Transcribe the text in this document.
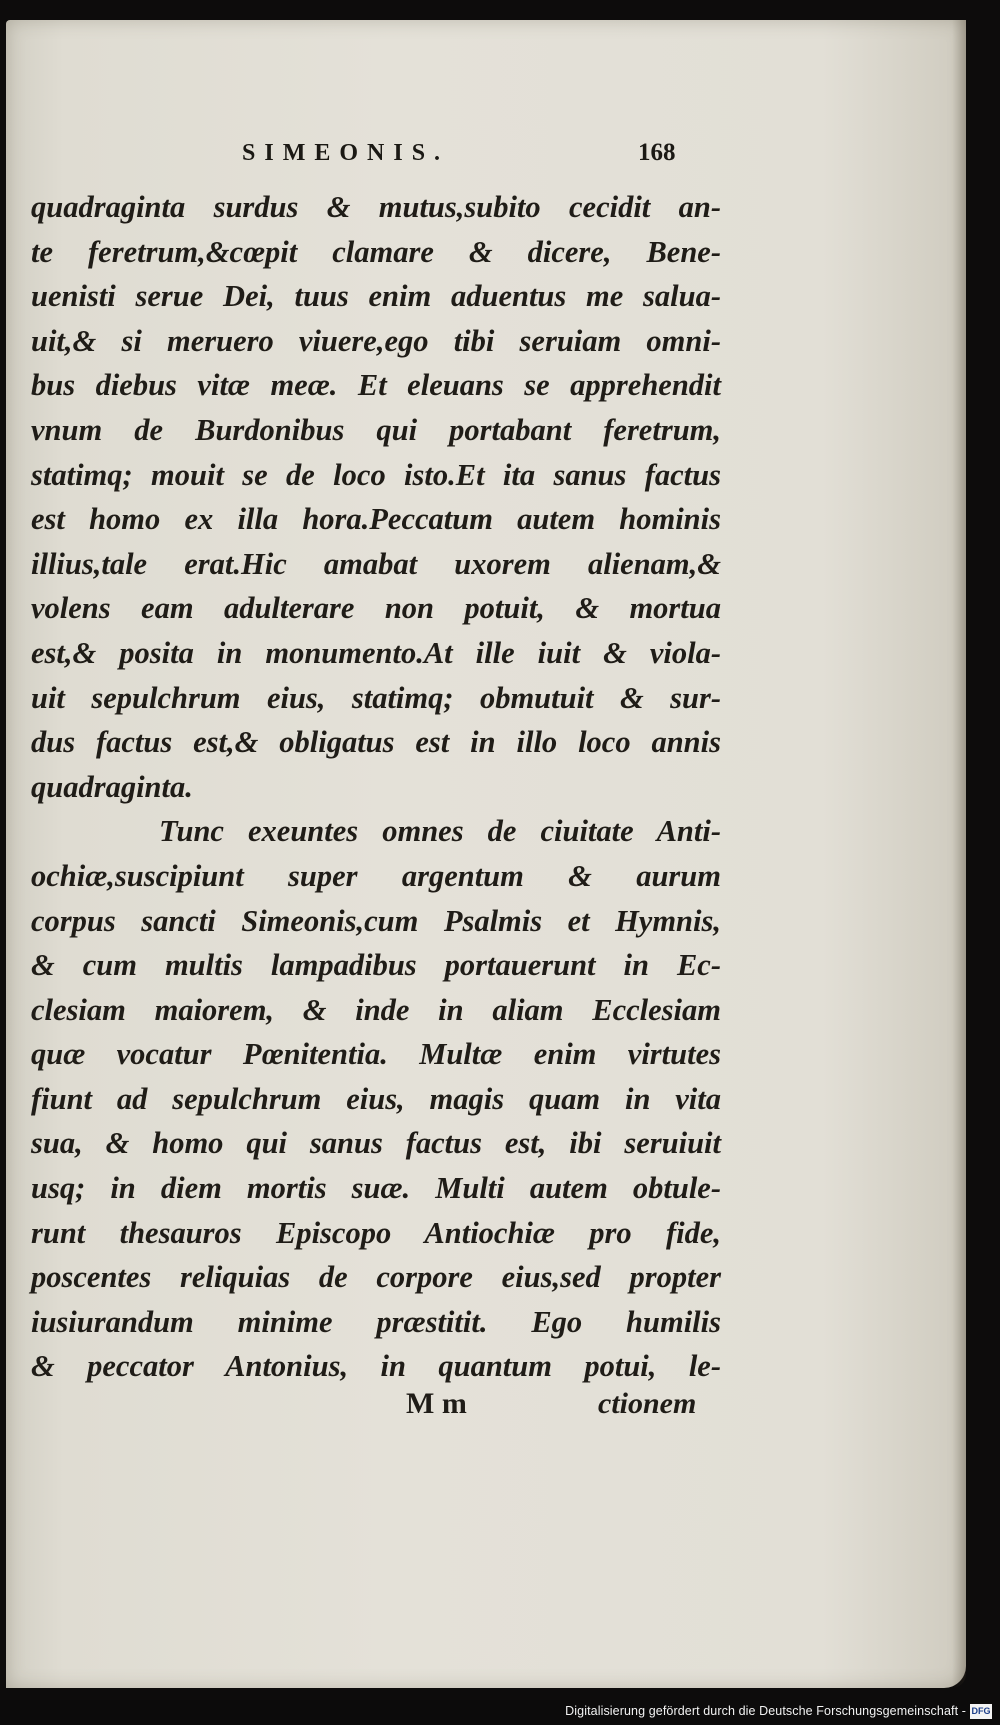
SIMEONIS.	168
quadraginta surdus & mutus,subito cecidit an-
te feretrum,&cœpit clamare & dicere, Bene-
uenisti serue Dei, tuus enim aduentus me salua-
uit,& si meruero viuere,ego tibi seruiam omni-
bus diebus vitæ meæ. Et eleuans se apprehendit
vnum de Burdonibus qui portabant feretrum,
statimq; mouit se de loco isto.Et ita sanus factus
est homo ex illa hora.Peccatum autem hominis
illius,tale erat.Hic amabat uxorem alienam,&
volens eam adulterare non potuit, & mortua
est,& posita in monumento.At ille iuit & viola-
uit sepulchrum eius, statimq; obmutuit & sur-
dus factus est,& obligatus est in illo loco annis
quadraginta.
Tunc exeuntes omnes de ciuitate Anti-
ochiæ,suscipiunt super argentum & aurum
corpus sancti Simeonis,cum Psalmis et Hymnis,
& cum multis lampadibus portauerunt in Ec-
clesiam maiorem, & inde in aliam Ecclesiam
quæ vocatur Pœnitentia. Multæ enim virtutes
fiunt ad sepulchrum eius, magis quam in vita
sua, & homo qui sanus factus est, ibi seruiuit
usq; in diem mortis suæ. Multi autem obtule-
runt thesauros Episcopo Antiochiæ pro fide,
poscentes reliquias de corpore eius,sed propter
iusiurandum minime præstitit. Ego humilis
& peccator Antonius, in quantum potui, le-
M m	ctionem
Digitalisierung gefördert durch die Deutsche Forschungsgemeinschaft - DFG
